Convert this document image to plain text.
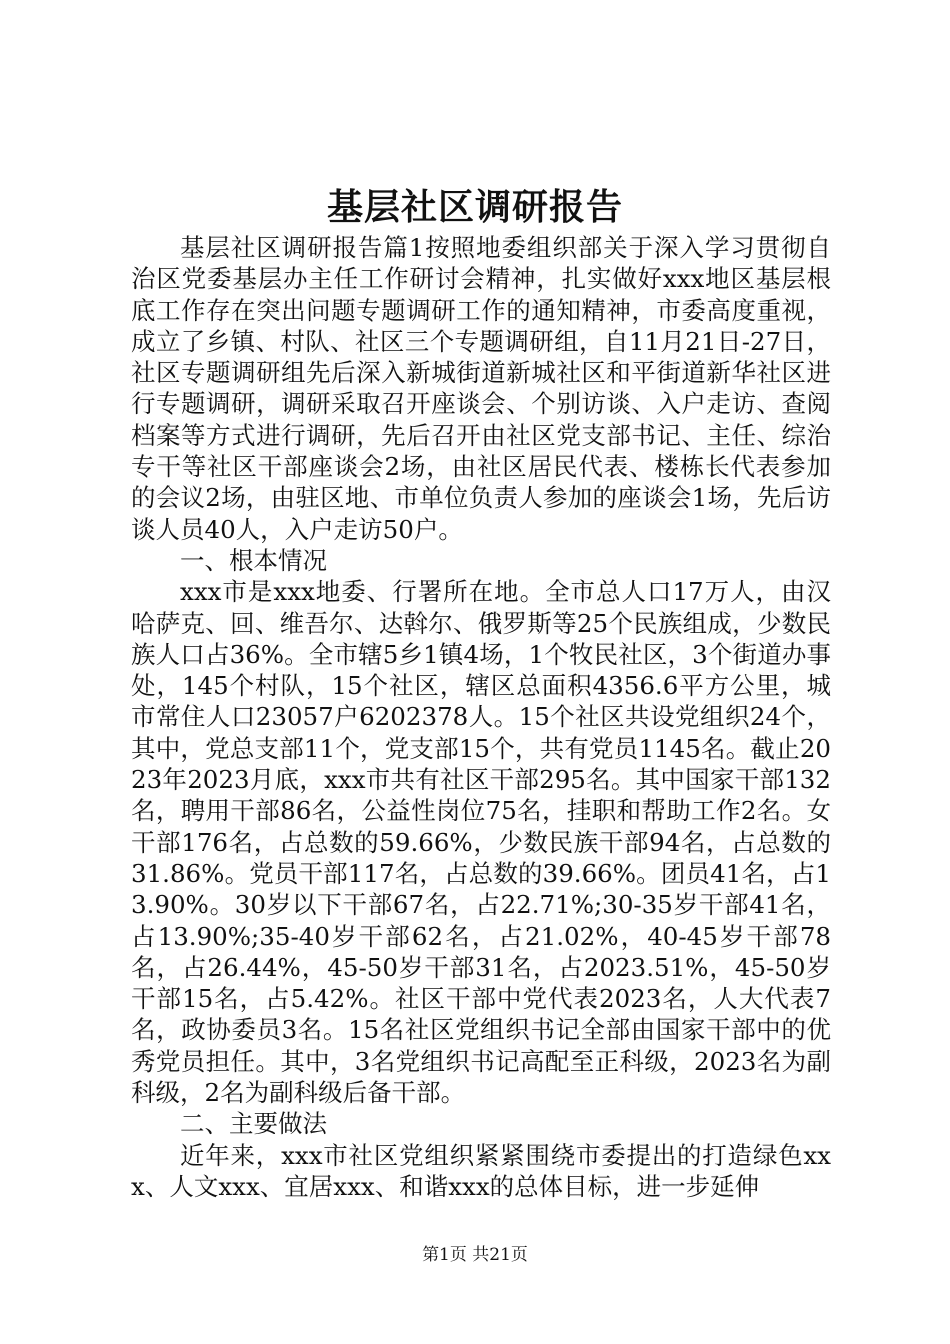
基层社区调研报告

基层社区调研报告篇1按照地委组织部关于深入学习贯彻自治区党委基层办主任工作研讨会精神，扎实做好xxx地区基层根底工作存在突出问题专题调研工作的通知精神，市委高度重视，成立了乡镇、村队、社区三个专题调研组，自11月21日-27日，社区专题调研组先后深入新城街道新城社区和平街道新华社区进行专题调研，调研采取召开座谈会、个别访谈、入户走访、查阅档案等方式进行调研，先后召开由社区党支部书记、主任、综治专干等社区干部座谈会2场，由社区居民代表、楼栋长代表参加的会议2场，由驻区地、市单位负责人参加的座谈会1场，先后访谈人员40人，入户走访50户。

一、根本情况

xxx市是xxx地委、行署所在地。全市总人口17万人，由汉哈萨克、回、维吾尔、达斡尔、俄罗斯等25个民族组成，少数民族人口占36%。全市辖5乡1镇4场，1个牧民社区，3个街道办事处，145个村队，15个社区，辖区总面积4356.6平方公里，城市常住人口23057户6202378人。15个社区共设党组织24个，其中，党总支部11个，党支部15个，共有党员1145名。截止2023年2023月底，xxx市共有社区干部295名。其中国家干部132名，聘用干部86名，公益性岗位75名，挂职和帮助工作2名。女干部176名，占总数的59.66%，少数民族干部94名，占总数的31.86%。党员干部117名，占总数的39.66%。团员41名，占13.90%。30岁以下干部67名，占22.71%;30-35岁干部41名，占13.90%;35-40岁干部62名，占21.02%，40-45岁干部78名，占26.44%，45-50岁干部31名，占2023.51%，45-50岁干部15名，占5.42%。社区干部中党代表2023名，人大代表7名，政协委员3名。15名社区党组织书记全部由国家干部中的优秀党员担任。其中，3名党组织书记高配至正科级，2023名为副科级，2名为副科级后备干部。

二、主要做法

近年来，xxx市社区党组织紧紧围绕市委提出的打造绿色xxx、人文xxx、宜居xxx、和谐xxx的总体目标，进一步延伸

第1页 共21页
